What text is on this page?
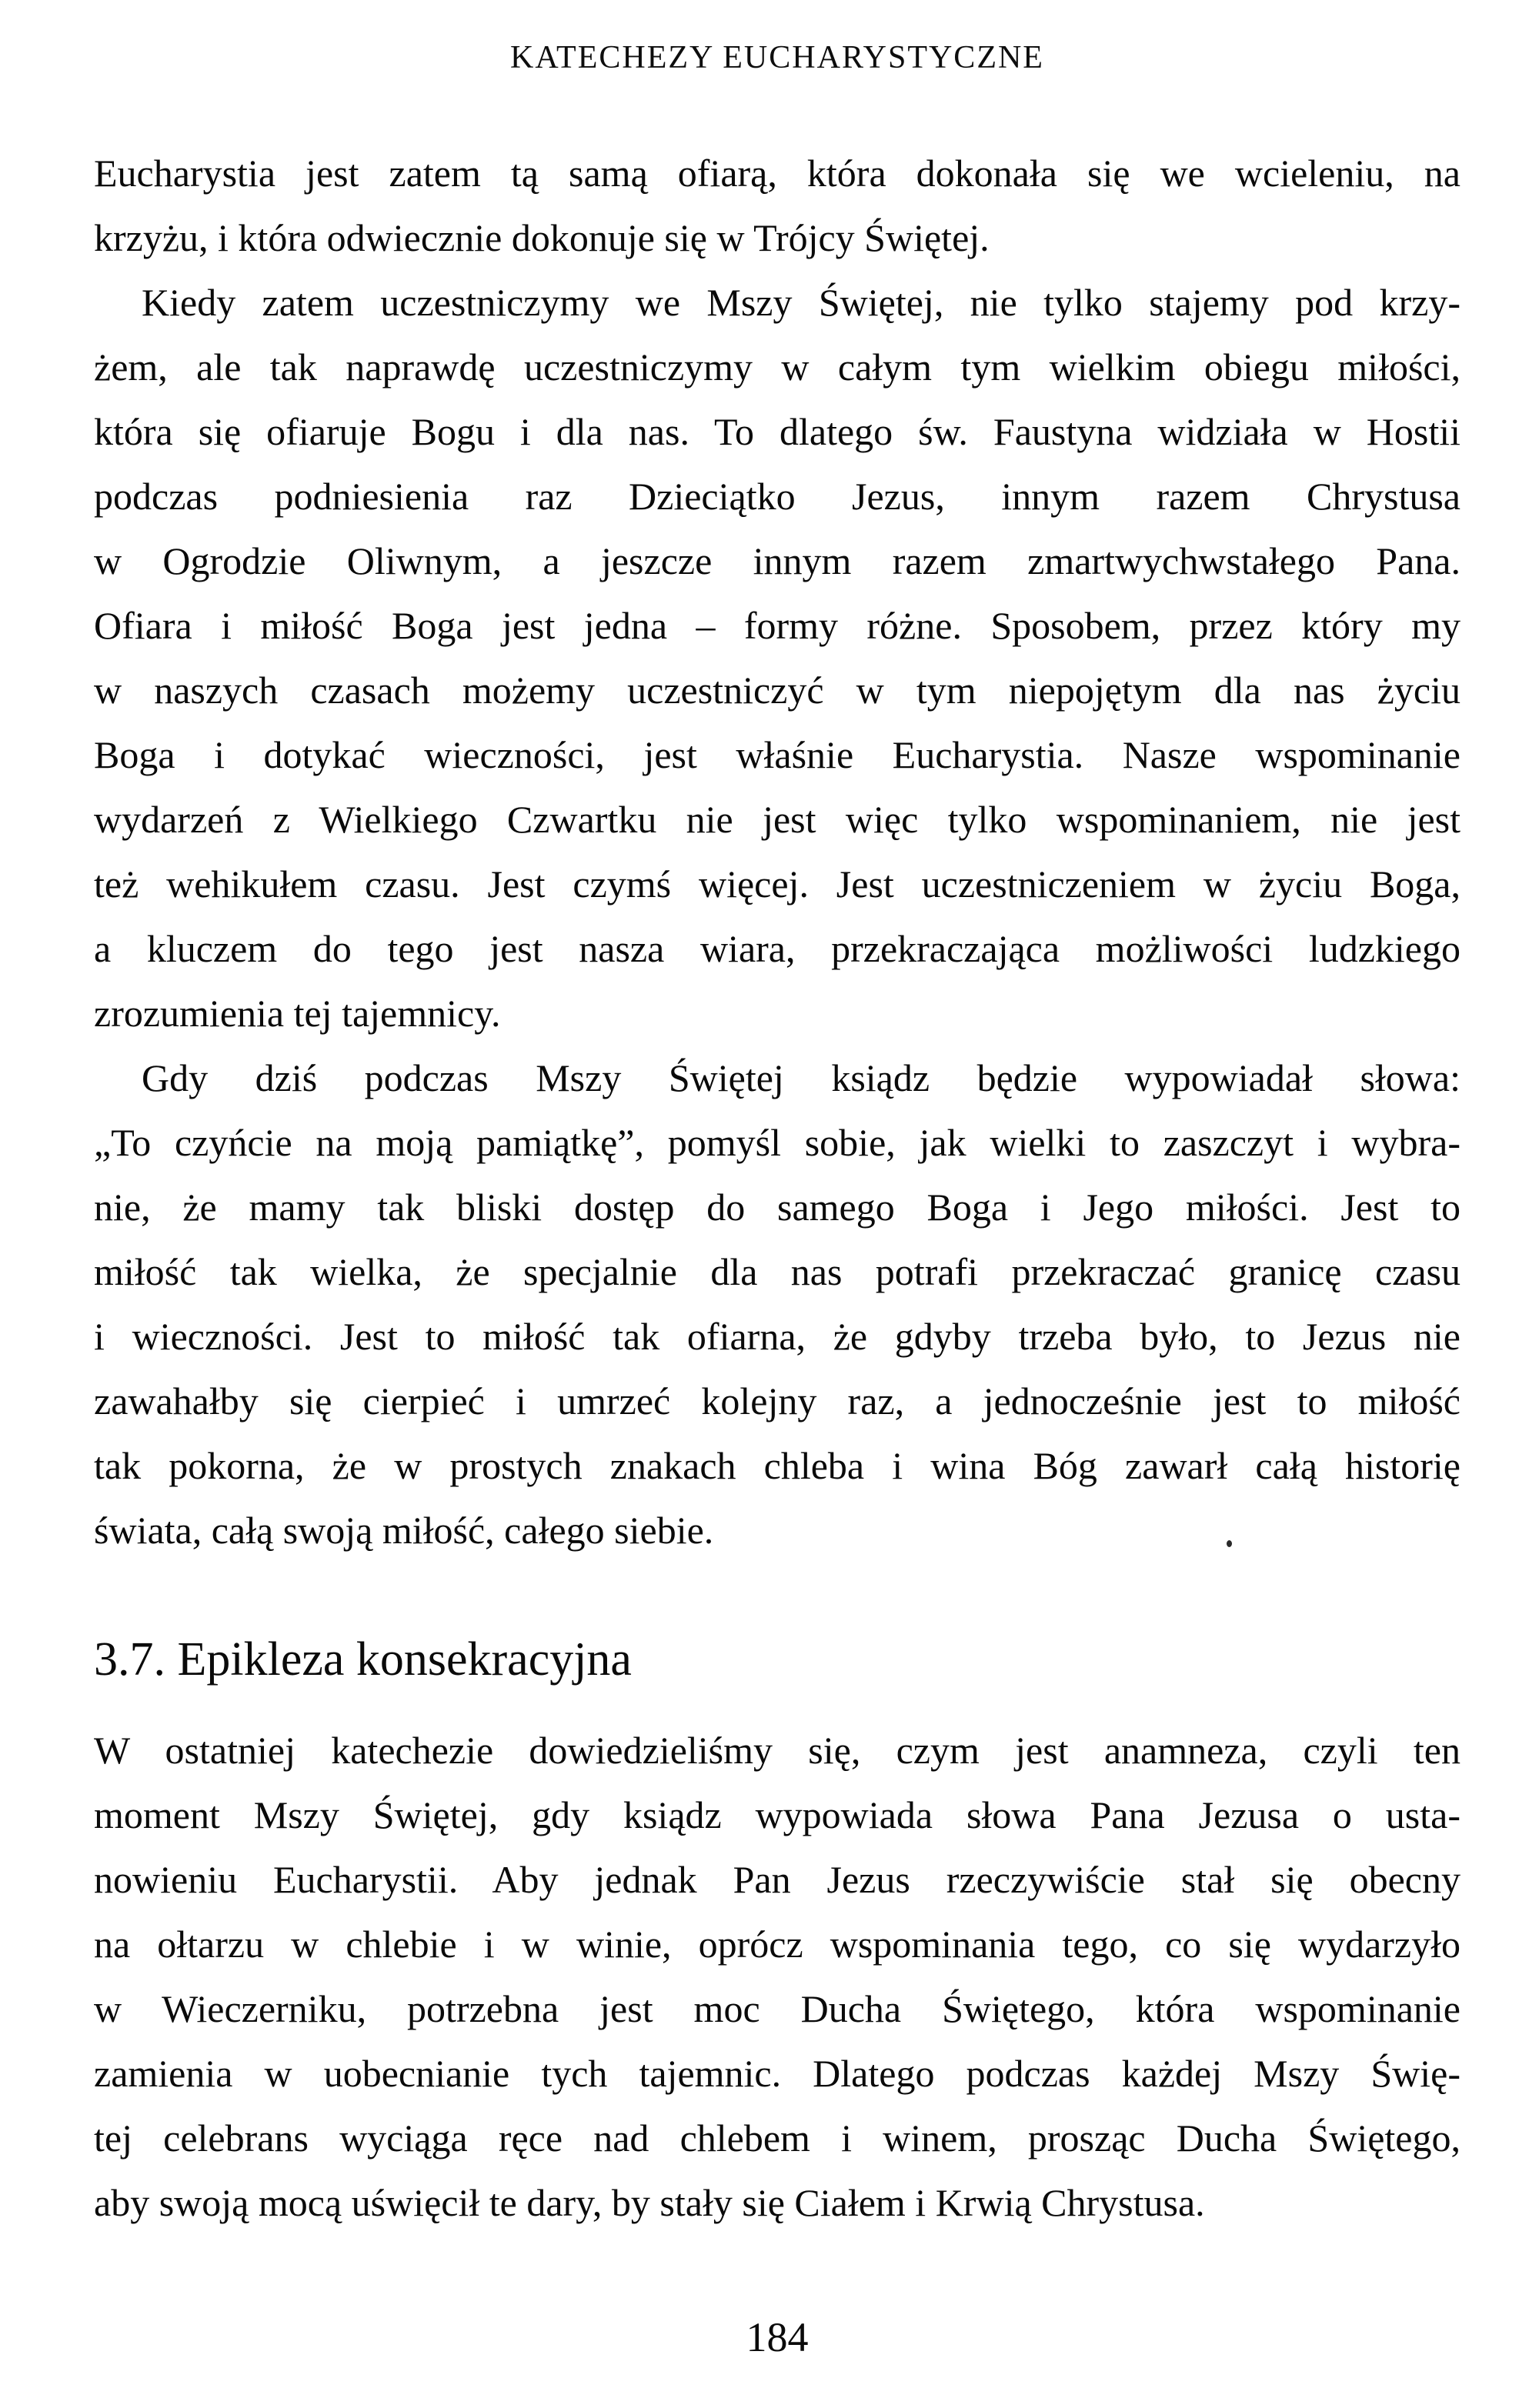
KATECHEZY EUCHARYSTYCZNE
Eucharystia jest zatem tą samą ofiarą, która dokonała się we wcieleniu, na
krzyżu, i która odwiecznie dokonuje się w Trójcy Świętej.
Kiedy zatem uczestniczymy we Mszy Świętej, nie tylko stajemy pod krzy-
żem, ale tak naprawdę uczestniczymy w całym tym wielkim obiegu miłości,
która się ofiaruje Bogu i dla nas. To dlatego św. Faustyna widziała w Hostii
podczas podniesienia raz Dzieciątko Jezus, innym razem Chrystusa
w Ogrodzie Oliwnym, a jeszcze innym razem zmartwychwstałego Pana.
Ofiara i miłość Boga jest jedna – formy różne. Sposobem, przez który my
w naszych czasach możemy uczestniczyć w tym niepojętym dla nas życiu
Boga i dotykać wieczności, jest właśnie Eucharystia. Nasze wspominanie
wydarzeń z Wielkiego Czwartku nie jest więc tylko wspominaniem, nie jest
też wehikułem czasu. Jest czymś więcej. Jest uczestniczeniem w życiu Boga,
a kluczem do tego jest nasza wiara, przekraczająca możliwości ludzkiego
zrozumienia tej tajemnicy.
Gdy dziś podczas Mszy Świętej ksiądz będzie wypowiadał słowa:
„To czyńcie na moją pamiątkę”, pomyśl sobie, jak wielki to zaszczyt i wybra-
nie, że mamy tak bliski dostęp do samego Boga i Jego miłości. Jest to
miłość tak wielka, że specjalnie dla nas potrafi przekraczać granicę czasu
i wieczności. Jest to miłość tak ofiarna, że gdyby trzeba było, to Jezus nie
zawahałby się cierpieć i umrzeć kolejny raz, a jednocześnie jest to miłość
tak pokorna, że w prostych znakach chleba i wina Bóg zawarł całą historię
świata, całą swoją miłość, całego siebie.
3.7. Epikleza konsekracyjna
W ostatniej katechezie dowiedzieliśmy się, czym jest anamneza, czyli ten
moment Mszy Świętej, gdy ksiądz wypowiada słowa Pana Jezusa o usta-
nowieniu Eucharystii. Aby jednak Pan Jezus rzeczywiście stał się obecny
na ołtarzu w chlebie i w winie, oprócz wspominania tego, co się wydarzyło
w Wieczerniku, potrzebna jest moc Ducha Świętego, która wspominanie
zamienia w uobecnianie tych tajemnic. Dlatego podczas każdej Mszy Świę-
tej celebrans wyciąga ręce nad chlebem i winem, prosząc Ducha Świętego,
aby swoją mocą uświęcił te dary, by stały się Ciałem i Krwią Chrystusa.
184
